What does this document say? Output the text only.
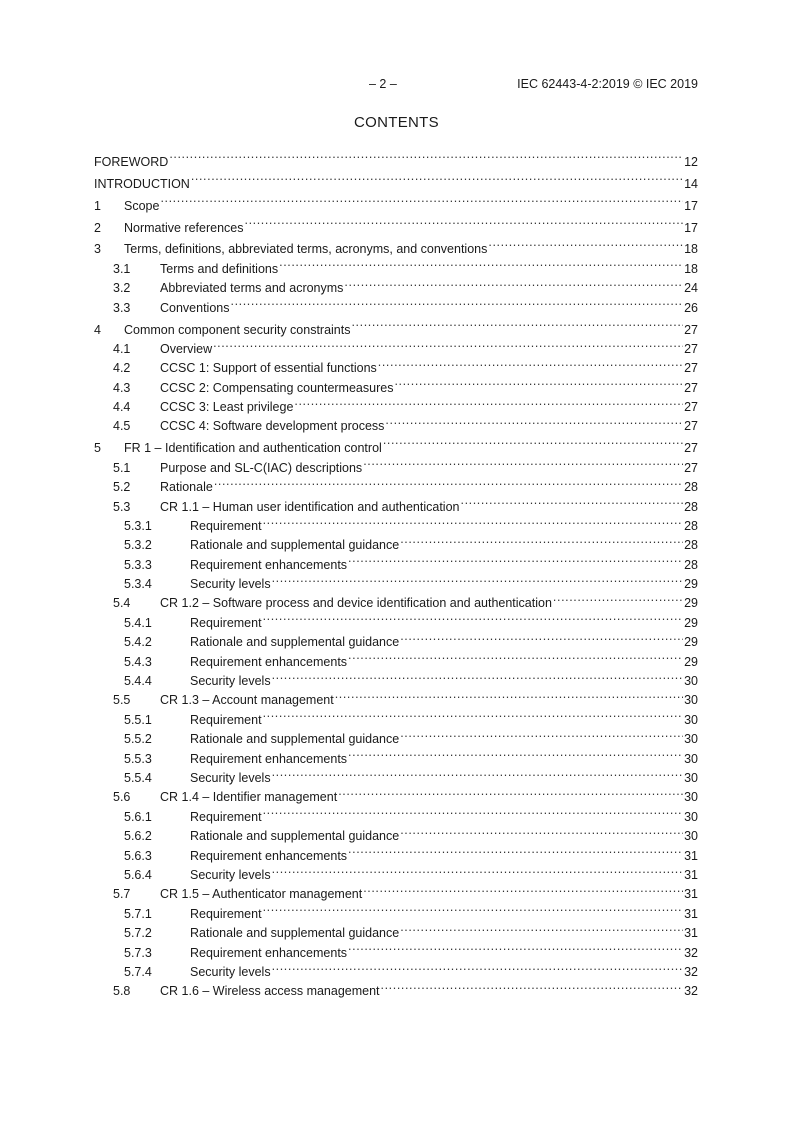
– 2 –	IEC 62443-4-2:2019 © IEC 2019
CONTENTS
FOREWORD .....	12
INTRODUCTION .....	14
1	Scope .....	17
2	Normative references .....	17
3	Terms, definitions, abbreviated terms, acronyms, and conventions .....	18
3.1	Terms and definitions .....	18
3.2	Abbreviated terms and acronyms .....	24
3.3	Conventions .....	26
4	Common component security constraints .....	27
4.1	Overview .....	27
4.2	CCSC 1: Support of essential functions .....	27
4.3	CCSC 2: Compensating countermeasures .....	27
4.4	CCSC 3: Least privilege .....	27
4.5	CCSC 4: Software development process .....	27
5	FR 1 – Identification and authentication control .....	27
5.1	Purpose and SL-C(IAC) descriptions .....	27
5.2	Rationale .....	28
5.3	CR 1.1 – Human user identification and authentication .....	28
5.3.1	Requirement .....	28
5.3.2	Rationale and supplemental guidance .....	28
5.3.3	Requirement enhancements .....	28
5.3.4	Security levels .....	29
5.4	CR 1.2 – Software process and device identification and authentication .....	29
5.4.1	Requirement .....	29
5.4.2	Rationale and supplemental guidance .....	29
5.4.3	Requirement enhancements .....	29
5.4.4	Security levels .....	30
5.5	CR 1.3 – Account management .....	30
5.5.1	Requirement .....	30
5.5.2	Rationale and supplemental guidance .....	30
5.5.3	Requirement enhancements .....	30
5.5.4	Security levels .....	30
5.6	CR 1.4 – Identifier management .....	30
5.6.1	Requirement .....	30
5.6.2	Rationale and supplemental guidance .....	30
5.6.3	Requirement enhancements .....	31
5.6.4	Security levels .....	31
5.7	CR 1.5 – Authenticator management .....	31
5.7.1	Requirement .....	31
5.7.2	Rationale and supplemental guidance .....	31
5.7.3	Requirement enhancements .....	32
5.7.4	Security levels .....	32
5.8	CR 1.6 – Wireless access management .....	32
